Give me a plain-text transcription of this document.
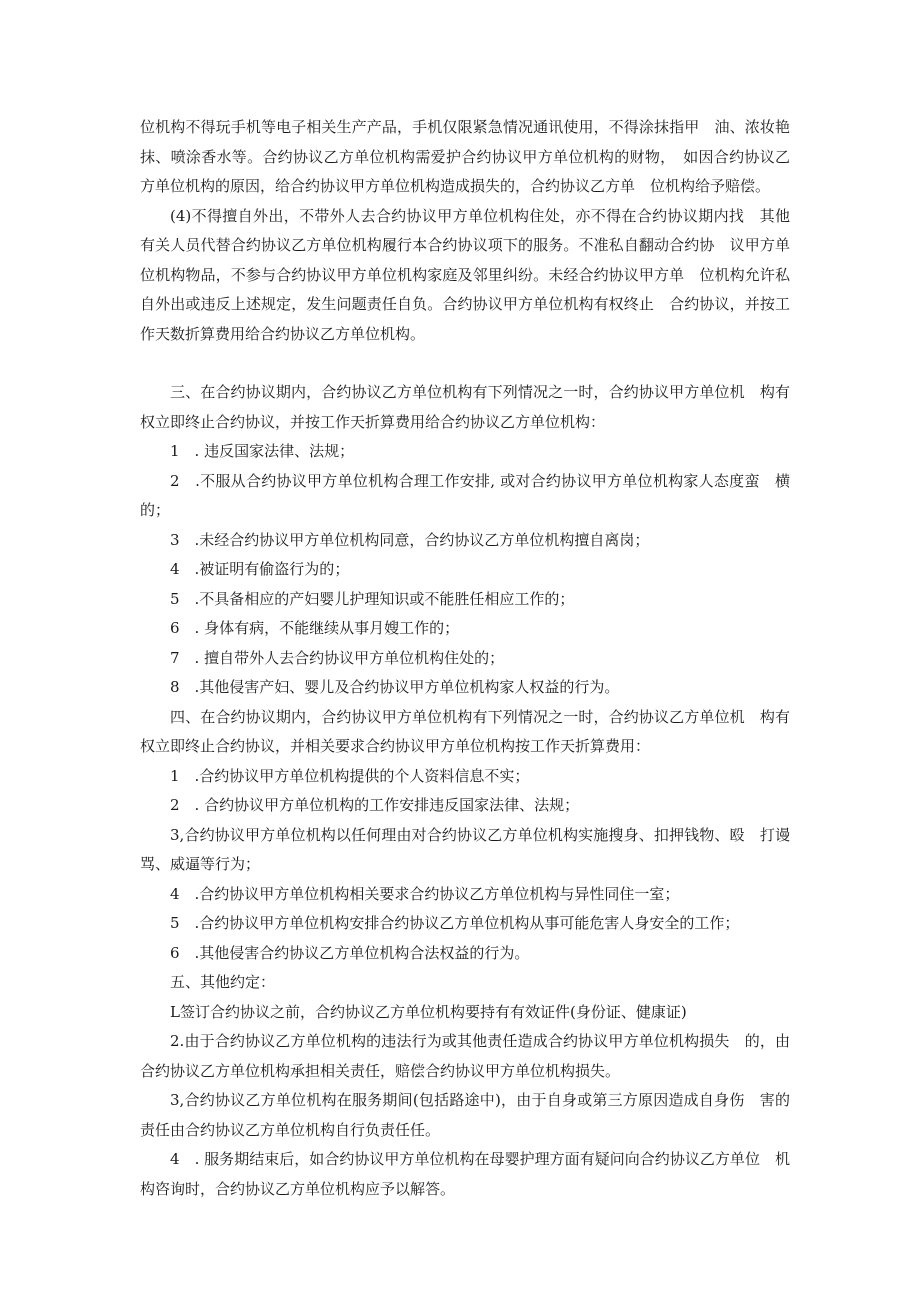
位机构不得玩手机等电子相关生产产品，手机仅限紧急情况通讯使用，不得涂抹指甲　油、浓妆艳抹、喷涂香水等。合约协议乙方单位机构需爱护合约协议甲方单位机构的财物，　如因合约协议乙方单位机构的原因，给合约协议甲方单位机构造成损失的，合约协议乙方单　位机构给予赔偿。

(4)不得擅自外出，不带外人去合约协议甲方单位机构住处，亦不得在合约协议期内找　其他有关人员代替合约协议乙方单位机构履行本合约协议项下的服务。不准私自翻动合约协　议甲方单位机构物品，不参与合约协议甲方单位机构家庭及邻里纠纷。未经合约协议甲方单　位机构允许私自外出或违反上述规定，发生问题责任自负。合约协议甲方单位机构有权终止　合约协议，并按工作天数折算费用给合约协议乙方单位机构。

三、在合约协议期内，合约协议乙方单位机构有下列情况之一时，合约协议甲方单位机　构有权立即终止合约协议，并按工作天折算费用给合约协议乙方单位机构：

1　. 违反国家法律、法规；

2　.不服从合约协议甲方单位机构合理工作安排, 或对合约协议甲方单位机构家人态度蛮　横的；

3　.未经合约协议甲方单位机构同意，合约协议乙方单位机构擅自离岗；

4　.被证明有偷盗行为的；

5　.不具备相应的产妇婴儿护理知识或不能胜任相应工作的；

6　. 身体有病，不能继续从事月嫂工作的；

7　. 擅自带外人去合约协议甲方单位机构住处的；

8　.其他侵害产妇、婴儿及合约协议甲方单位机构家人权益的行为。

四、在合约协议期内，合约协议甲方单位机构有下列情况之一时，合约协议乙方单位机　构有权立即终止合约协议，并相关要求合约协议甲方单位机构按工作天折算费用：

1　.合约协议甲方单位机构提供的个人资料信息不实；

2　. 合约协议甲方单位机构的工作安排违反国家法律、法规；

3,合约协议甲方单位机构以任何理由对合约协议乙方单位机构实施搜身、扣押钱物、殴　打谩骂、威逼等行为；

4　.合约协议甲方单位机构相关要求合约协议乙方单位机构与异性同住一室；

5　.合约协议甲方单位机构安排合约协议乙方单位机构从事可能危害人身安全的工作；

6　.其他侵害合约协议乙方单位机构合法权益的行为。

五、其他约定：

L签订合约协议之前，合约协议乙方单位机构要持有有效证件(身份证、健康证)

2.由于合约协议乙方单位机构的违法行为或其他责任造成合约协议甲方单位机构损失　的，由合约协议乙方单位机构承担相关责任，赔偿合约协议甲方单位机构损失。

3,合约协议乙方单位机构在服务期间(包括路途中)，由于自身或第三方原因造成自身伤　害的责任由合约协议乙方单位机构自行负责任任。

4　. 服务期结束后，如合约协议甲方单位机构在母婴护理方面有疑问向合约协议乙方单位　机构咨询时，合约协议乙方单位机构应予以解答。
